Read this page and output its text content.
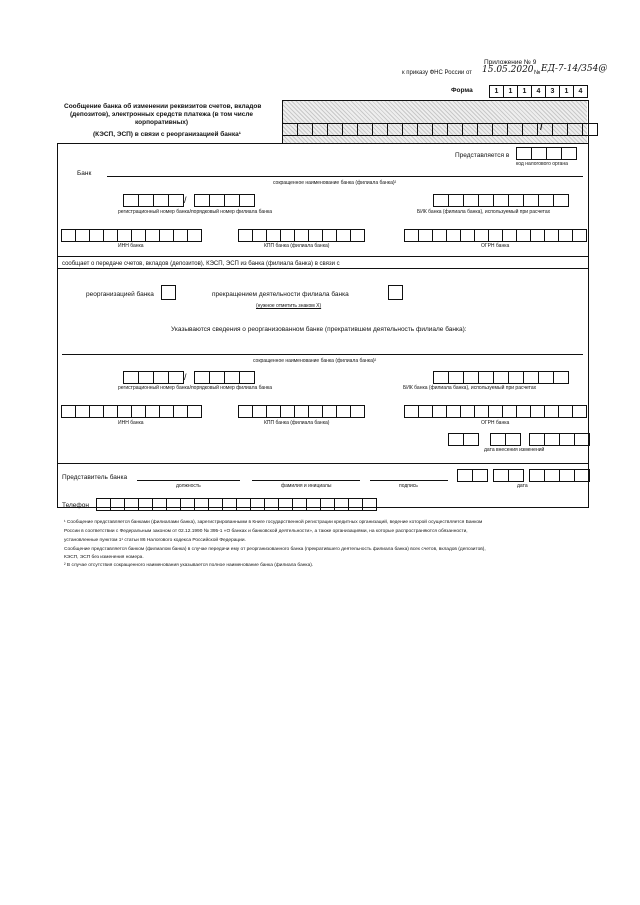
Приложение № 9
к приказу ФНС России от 15.05.2020 № ЕД-7-14/354@
Форма	1	1	1	4	3	1	4
Сообщение банка об изменении реквизитов счетов, вкладов
(депозитов), электронных средств платежа (в том числе
корпоративных)
(КЭСП, ЭСП) в связи с реорганизацией банка¹
/
Представляется в
код налогового органа
Банк
сокращенное наименование банка (филиала банка)²
/
регистрационный номер банка/порядковый номер филиала банка	БИК банка (филиала банка), используемый при расчетах
ИНН банка	КПП банка (филиала банка)	ОГРН банка
сообщает о передаче счетов, вкладов (депозитов), КЭСП, ЭСП из банка (филиала банка) в связи с
реорганизацией банка	прекращением деятельности филиала банка
(нужное отметить знаком Х)
Указываются сведения о реорганизованном банке (прекратившем деятельность филиале банка):
сокращенное наименование банка (филиала банка)²
/
регистрационный номер банка/порядковый номер филиала банка	БИК банка (филиала банка), используемый при расчетах
ИНН банка	КПП банка (филиала банка)	ОГРН банка
дата внесения изменений
Представитель банка
должность	фамилия и инициалы	подпись	дата
Телефон
¹ Сообщение представляется банками (филиалами банка), зарегистрированными в Книге государственной регистрации кредитных организаций, ведение которой осуществляется Банком
России в соответствии с Федеральным законом от 02.12.1990 № 395-1 «О банках и банковской деятельности», а также организациями, на которые распространяются обязанности,
установленные пунктом 1¹ статьи 86 Налогового кодекса Российской Федерации.
Сообщение представляется банком (филиалом банка) в случае передачи ему от реорганизованного банка (прекратившего деятельность филиала банка) всех счетов, вкладов (депозитов),
КЭСП, ЭСП без изменения номера.
² В случае отсутствия сокращенного наименования указывается полное наименование банка (филиала банка).
